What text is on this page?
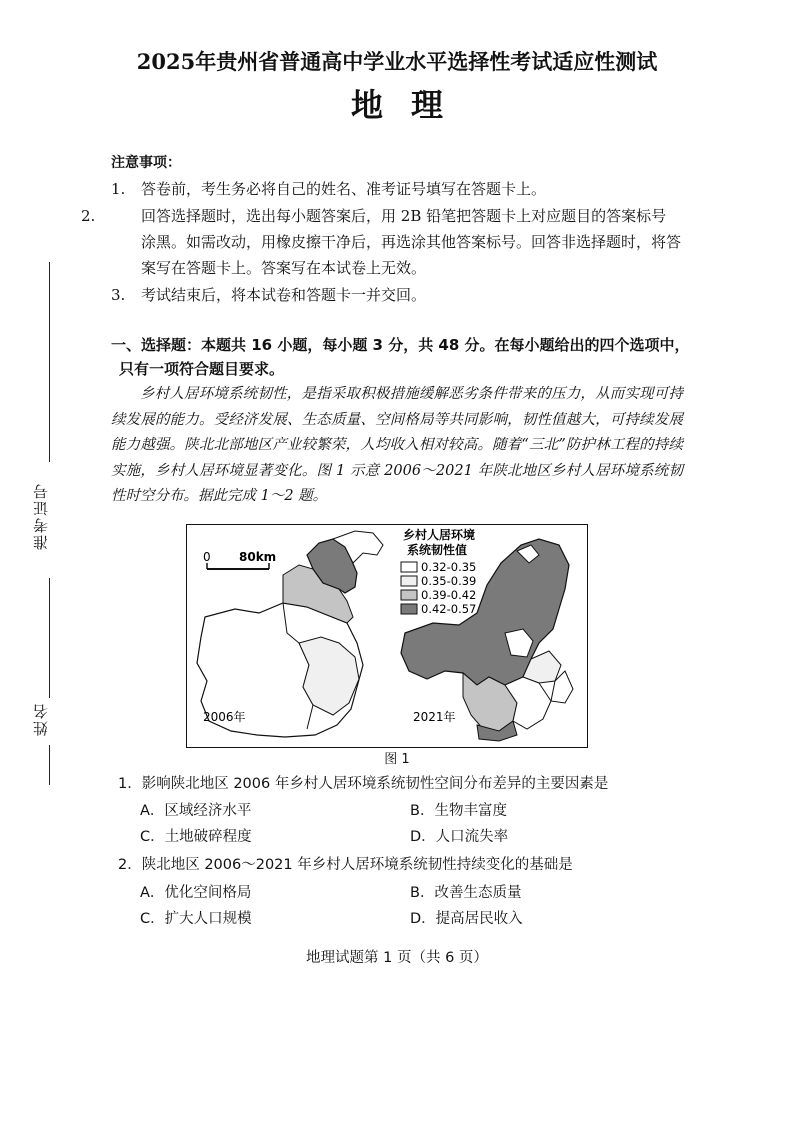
准考证号
姓名
2025年贵州省普通高中学业水平选择性考试适应性测试
地理
注意事项：
1. 答卷前，考生务必将自己的姓名、准考证号填写在答题卡上。
2.	回答选择题时，选出每小题答案后，用 2B 铅笔把答题卡上对应题目的答案标号涂黑。如需改动，用橡皮擦干净后，再选涂其他答案标号。回答非选择题时，将答案写在答题卡上。答案写在本试卷上无效。
3. 考试结束后，将本试卷和答题卡一并交回。
一、选择题：本题共 16 小题，每小题 3 分，共 48 分。在每小题给出的四个选项中，只有一项符合题目要求。
乡村人居环境系统韧性，是指采取积极措施缓解恶劣条件带来的压力，从而实现可持续发展的能力。受经济发展、生态质量、空间格局等共同影响，韧性值越大，可持续发展能力越强。陕北北部地区产业较繁荣，人均收入相对较高。随着“三北”防护林工程的持续实施，乡村人居环境显著变化。图 1 示意 2006～2021 年陕北地区乡村人居环境系统韧性时空分布。据此完成 1～2 题。
0 80km
2006年	2021年
乡村人居环境
系统韧性值
0.32-0.35
0.35-0.39
0.39-0.42
0.42-0.57
图 1
1．影响陕北地区 2006 年乡村人居环境系统韧性空间分布差异的主要因素是
A．区域经济水平	B．生物丰富度
C．土地破碎程度	D．人口流失率
2．陕北地区 2006～2021 年乡村人居环境系统韧性持续变化的基础是
A．优化空间格局	B．改善生态质量
C．扩大人口规模	D．提高居民收入
地理试题第 1 页（共 6 页）
